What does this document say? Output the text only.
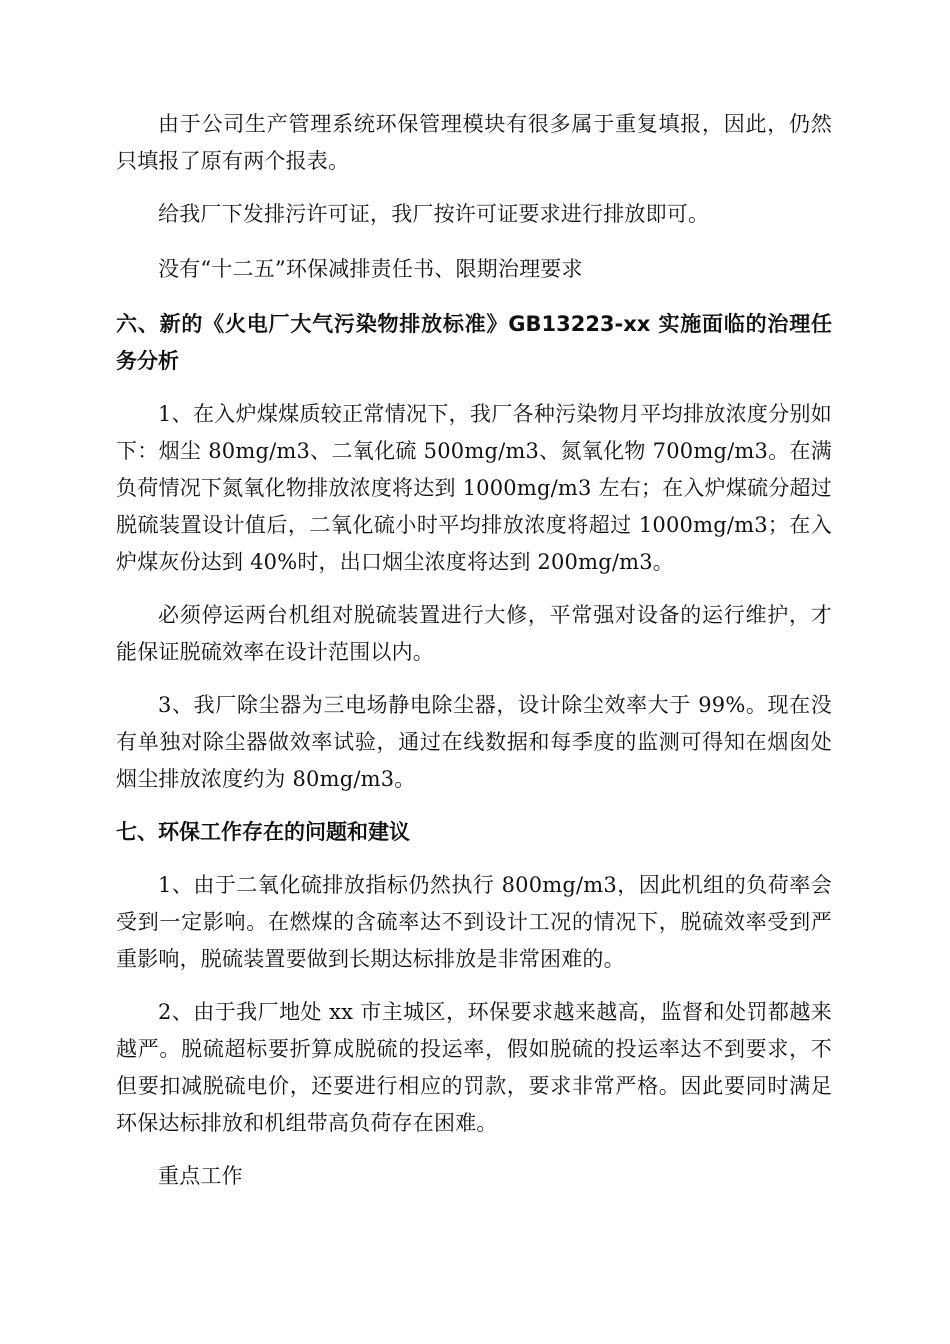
由于公司生产管理系统环保管理模块有很多属于重复填报，因此，仍然只填报了原有两个报表。

给我厂下发排污许可证，我厂按许可证要求进行排放即可。

没有“十二五”环保减排责任书、限期治理要求

六、新的《火电厂大气污染物排放标准》GB13223-xx 实施面临的治理任务分析

1、在入炉煤煤质较正常情况下，我厂各种污染物月平均排放浓度分别如下：烟尘 80mg/m3、二氧化硫 500mg/m3、氮氧化物 700mg/m3。在满负荷情况下氮氧化物排放浓度将达到 1000mg/m3 左右；在入炉煤硫分超过脱硫装置设计值后，二氧化硫小时平均排放浓度将超过 1000mg/m3；在入炉煤灰份达到 40%时，出口烟尘浓度将达到 200mg/m3。

必须停运两台机组对脱硫装置进行大修，平常强对设备的运行维护，才能保证脱硫效率在设计范围以内。

3、我厂除尘器为三电场静电除尘器，设计除尘效率大于 99%。现在没有单独对除尘器做效率试验，通过在线数据和每季度的监测可得知在烟囱处烟尘排放浓度约为 80mg/m3。

七、环保工作存在的问题和建议

1、由于二氧化硫排放指标仍然执行 800mg/m3，因此机组的负荷率会受到一定影响。在燃煤的含硫率达不到设计工况的情况下，脱硫效率受到严重影响，脱硫装置要做到长期达标排放是非常困难的。

2、由于我厂地处 xx 市主城区，环保要求越来越高，监督和处罚都越来越严。脱硫超标要折算成脱硫的投运率，假如脱硫的投运率达不到要求，不但要扣减脱硫电价，还要进行相应的罚款，要求非常严格。因此要同时满足环保达标排放和机组带高负荷存在困难。

重点工作
